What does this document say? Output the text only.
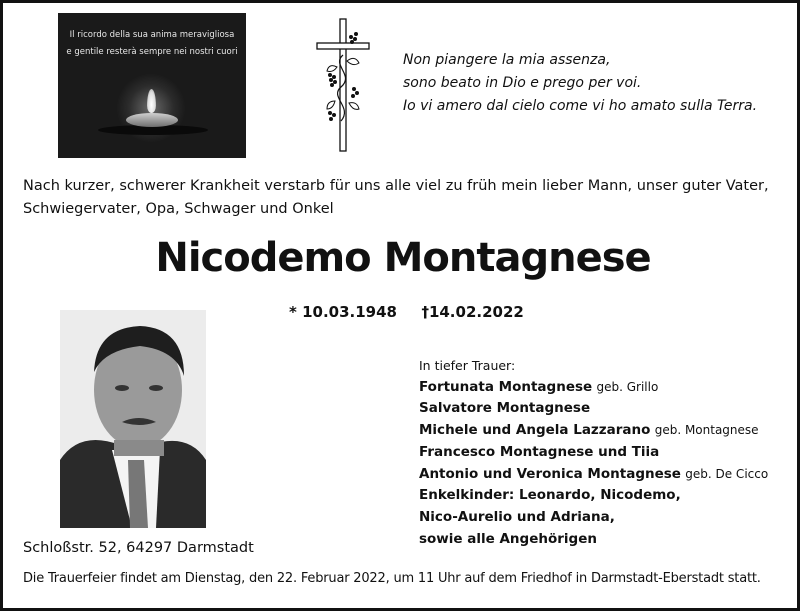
Il ricordo della sua anima meravigliosa
e gentile resterà sempre nei nostri cuori	Non piangere la mia assenza,
sono beato in Dio e prego per voi.
Io vi amero dal cielo come vi ho amato sulla Terra.
Nach kurzer, schwerer Krankheit verstarb für uns alle viel zu früh mein lieber Mann, unser guter Vater,
Schwiegervater, Opa, Schwager und Onkel
Nicodemo Montagnese
* 10.03.1948 †14.02.2022
Schloßstr. 52, 64297 Darmstadt
In tiefer Trauer:
Fortunata Montagnese geb. Grillo
Salvatore Montagnese
Michele und Angela Lazzarano geb. Montagnese
Francesco Montagnese und Tiia
Antonio und Veronica Montagnese geb. De Cicco
Enkelkinder: Leonardo, Nicodemo,
Nico-Aurelio und Adriana,
sowie alle Angehörigen
Die Trauerfeier findet am Dienstag, den 22. Februar 2022, um 11 Uhr auf dem Friedhof in Darmstadt-Eberstadt statt.
